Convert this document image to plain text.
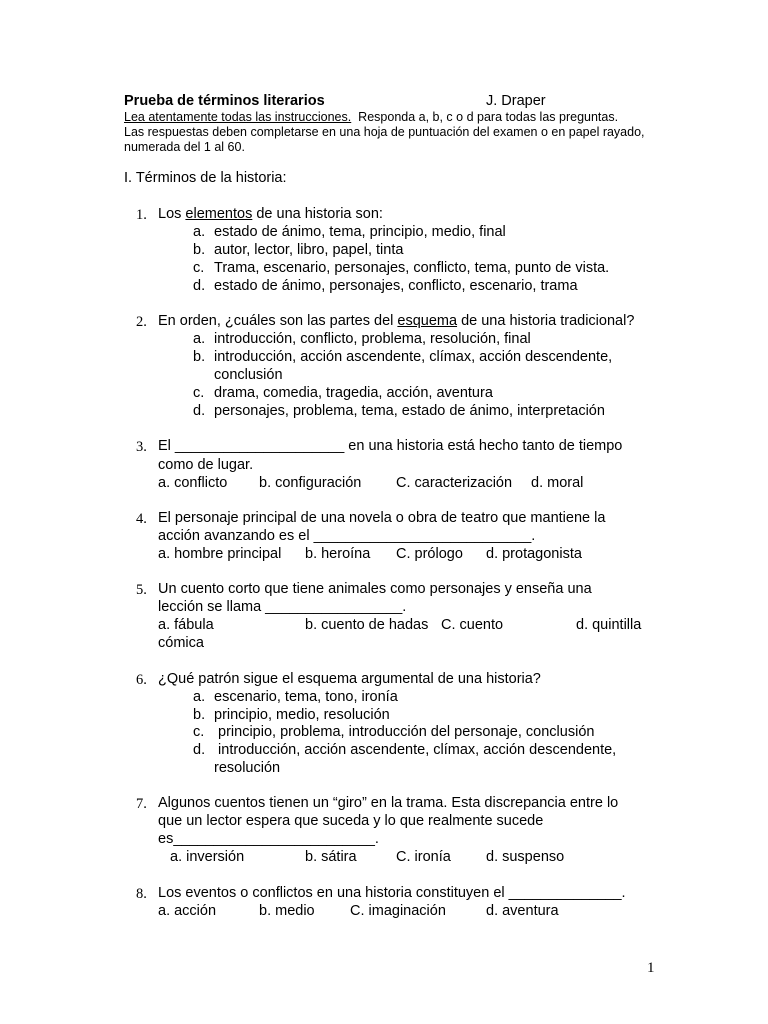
Prueba de términos literarios	J. Draper
Lea atentamente todas las instrucciones.  Responda a, b, c o d para todas las preguntas.
Las respuestas deben completarse en una hoja de puntuación del examen o en papel rayado,
numerada del 1 al 60.
I. Términos de la historia:
1. Los elementos de una historia son:
a. estado de ánimo, tema, principio, medio, final
b. autor, lector, libro, papel, tinta
c. Trama, escenario, personajes, conflicto, tema, punto de vista.
d. estado de ánimo, personajes, conflicto, escenario, trama
2. En orden, ¿cuáles son las partes del esquema de una historia tradicional?
a. introducción, conflicto, problema, resolución, final
b. introducción, acción ascendente, clímax, acción descendente,
conclusión
c. drama, comedia, tragedia, acción, aventura
d. personajes, problema, tema, estado de ánimo, interpretación
3. El _____________________ en una historia está hecho tanto de tiempo
como de lugar.
a. conflicto b. configuración C. caracterización d. moral
4. El personaje principal de una novela o obra de teatro que mantiene la
acción avanzando es el ___________________________.
a. hombre principal b. heroína C. prólogo d. protagonista
5. Un cuento corto que tiene animales como personajes y enseña una
lección se llama _________________.
a. fábula	b. cuento de hadas C. cuento	d. quintilla
cómica
6. ¿Qué patrón sigue el esquema argumental de una historia?
a. escenario, tema, tono, ironía
b. principio, medio, resolución
c. principio, problema, introducción del personaje, conclusión
d. introducción, acción ascendente, clímax, acción descendente,
resolución
7. Algunos cuentos tienen un “giro” en la trama. Esta discrepancia entre lo
que un lector espera que suceda y lo que realmente sucede
es_________________________.
a. inversión	b. sátira	C. ironía d. suspenso
8. Los eventos o conflictos en una historia constituyen el ______________.
a. acción	b. medio C. imaginación	d. aventura
1
